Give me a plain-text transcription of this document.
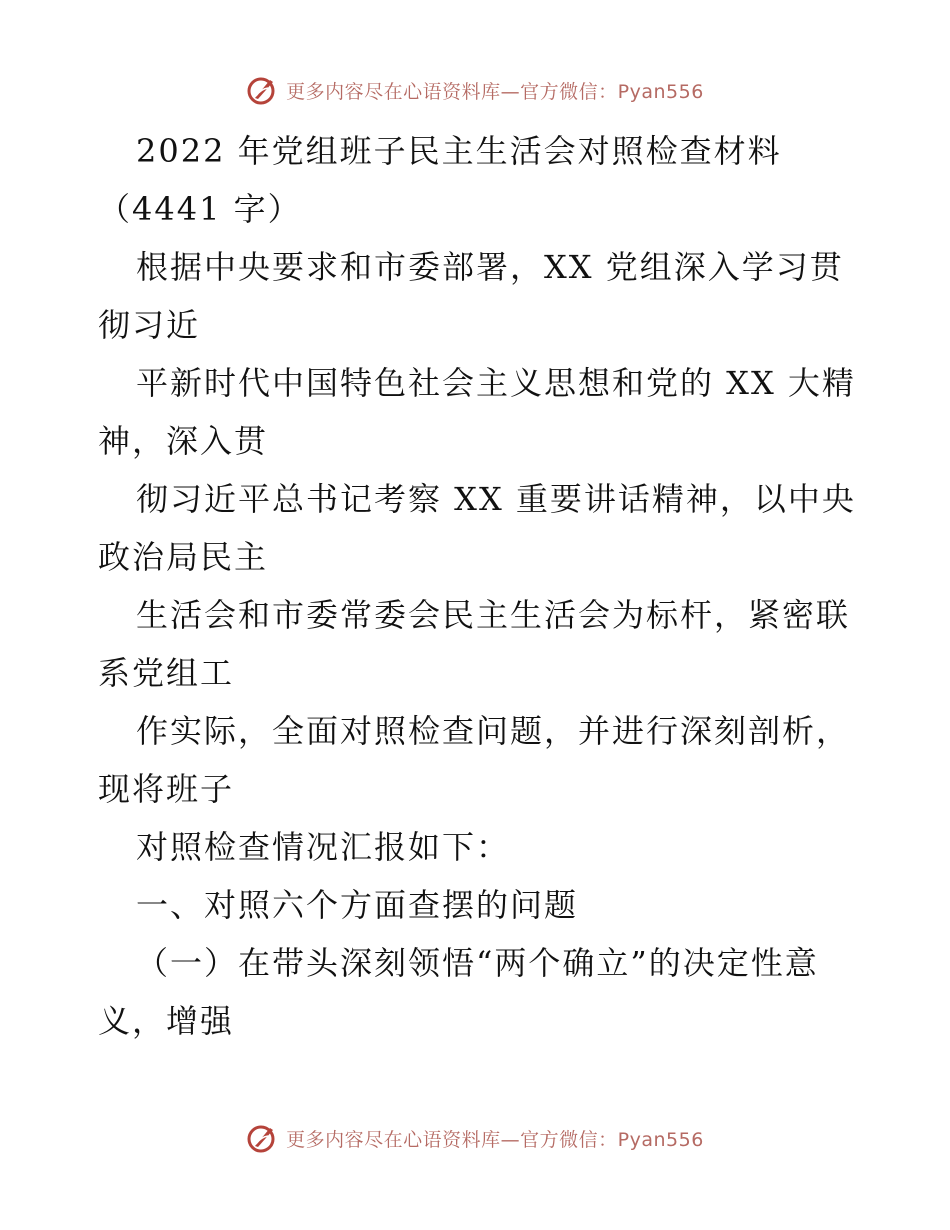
更多内容尽在心语资料库—官方微信：Pyan556
2022 年党组班子民主生活会对照检查材料
（4441 字）
根据中央要求和市委部署，XX 党组深入学习贯
彻习近
平新时代中国特色社会主义思想和党的 XX 大精
神，深入贯
彻习近平总书记考察 XX 重要讲话精神，以中央
政治局民主
生活会和市委常委会民主生活会为标杆，紧密联
系党组工
作实际，全面对照检查问题，并进行深刻剖析，
现将班子
对照检查情况汇报如下：
一、对照六个方面查摆的问题
（一）在带头深刻领悟“两个确立”的决定性意
义，增强
更多内容尽在心语资料库—官方微信：Pyan556
